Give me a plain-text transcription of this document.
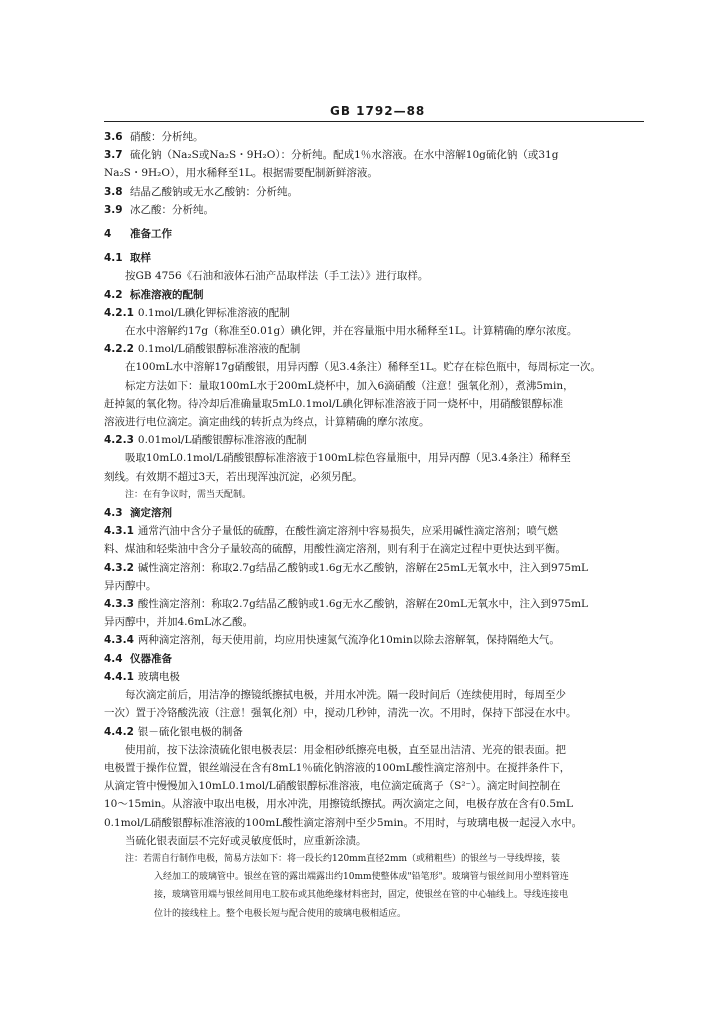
GB 1792—88
3.6 硝酸：分析纯。
3.7 硫化钠（Na₂S或Na₂S・9H₂O）：分析纯。配成1％水溶液。在水中溶解10g硫化钠（或31g
Na₂S・9H₂O），用水稀释至1L。根据需要配制新鲜溶液。
3.8 结晶乙酸钠或无水乙酸钠：分析纯。
3.9 冰乙酸：分析纯。
4 准备工作
4.1 取样
按GB 4756《石油和液体石油产品取样法（手工法）》进行取样。
4.2 标准溶液的配制
4.2.1 0.1mol/L碘化钾标准溶液的配制
在水中溶解约17g（称准至0.01g）碘化钾，并在容量瓶中用水稀释至1L。计算精确的摩尔浓度。
4.2.2 0.1mol/L硝酸银醇标准溶液的配制
在100mL水中溶解17g硝酸银，用异丙醇（见3.4条注）稀释至1L。贮存在棕色瓶中，每周标定一次。
标定方法如下：量取100mL水于200mL烧杯中，加入6滴硝酸（注意！强氧化剂），煮沸5min，
赶掉氮的氧化物。待冷却后准确量取5mL0.1mol/L碘化钾标准溶液于同一烧杯中，用硝酸银醇标准
溶液进行电位滴定。滴定曲线的转折点为终点，计算精确的摩尔浓度。
4.2.3 0.01mol/L硝酸银醇标准溶液的配制
吸取10mL0.1mol/L硝酸银醇标准溶液于100mL棕色容量瓶中，用异丙醇（见3.4条注）稀释至
刻线。有效期不超过3天，若出现浑浊沉淀，必须另配。
注：在有争议时，需当天配制。
4.3 滴定溶剂
4.3.1 通常汽油中含分子量低的硫醇，在酸性滴定溶剂中容易损失，应采用碱性滴定溶剂；喷气燃
料、煤油和轻柴油中含分子量较高的硫醇，用酸性滴定溶剂，则有利于在滴定过程中更快达到平衡。
4.3.2 碱性滴定溶剂：称取2.7g结晶乙酸钠或1.6g无水乙酸钠，溶解在25mL无氧水中，注入到975mL
异丙醇中。
4.3.3 酸性滴定溶剂：称取2.7g结晶乙酸钠或1.6g无水乙酸钠，溶解在20mL无氧水中，注入到975mL
异丙醇中，并加4.6mL冰乙酸。
4.3.4 两种滴定溶剂，每天使用前，均应用快速氮气流净化10min以除去溶解氧，保持隔绝大气。
4.4 仪器准备
4.4.1 玻璃电极
每次滴定前后，用洁净的擦镜纸擦拭电极，并用水冲洗。隔一段时间后（连续使用时，每周至少
一次）置于冷铬酸洗液（注意！强氧化剂）中，搅动几秒钟，清洗一次。不用时，保持下部浸在水中。
4.4.2 银－硫化银电极的制备
使用前，按下法涂渍硫化银电极表层：用金相砂纸擦亮电极，直至显出洁清、光亮的银表面。把
电极置于操作位置，银丝端浸在含有8mL1％硫化钠溶液的100mL酸性滴定溶剂中。在搅拌条件下，
从滴定管中慢慢加入10mL0.1mol/L硝酸银醇标准溶液，电位滴定硫离子（S²⁻）。滴定时间控制在
10～15min。从溶液中取出电极，用水冲洗，用擦镜纸擦拭。两次滴定之间，电极存放在含有0.5mL
0.1mol/L硝酸银醇标准溶液的100mL酸性滴定溶剂中至少5min。不用时，与玻璃电极一起浸入水中。
当硫化银表面层不完好或灵敏度低时，应重新涂渍。
注：若需自行制作电极，简易方法如下：将一段长约120mm直径2mm（或稍粗些）的银丝与一导线焊接，装
入经加工的玻璃管中。银丝在管的露出端露出约10mm使整体成"铅笔形"。玻璃管与银丝间用小塑料管连
接，玻璃管用端与银丝间用电工胶布或其他绝缘材料密封，固定，使银丝在管的中心轴线上。导线连接电
位计的接线柱上。整个电极长短与配合使用的玻璃电极相适应。
